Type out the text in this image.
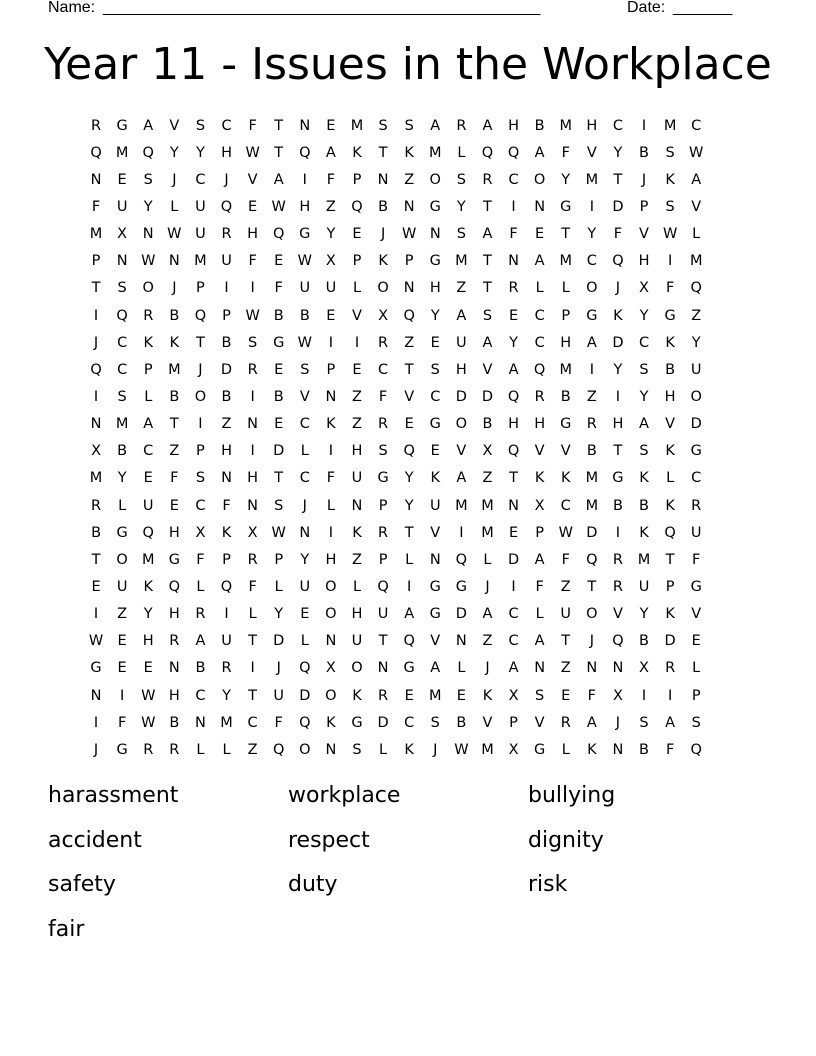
Name: ____________________________________________________	Date: _______
Year 11 - Issues in the Workplace
R	G	A	V	S	C	F	T	N	E	M	S	S	A	R	A	H	B	M H	C	I	M	C
Q M Q	Y	Y	H W T	Q	A	K	T	K	M	L	Q	Q	A	F	V	Y	B	S W
N	E	S	J	C	J	V	A	I	F	P	N	Z	O	S	R	C	O	Y	M	T	J	K	A
F	U	Y	L	U	Q	E W H	Z	Q	B	N	G	Y	T	I	N	G	I	D	P	S	V
M	X	N W U	R	H	Q	G	Y	E	J	W N	S	A	F	E	T	Y	F	V W	L
P	N W N M	U	F	E W X	P	K	P	G M	T	N	A	M	C	Q	H	I	M
T	S	O	J	P	I	I	F	U	U	L	O	N	H	Z	T	R	L	L	O	J	X	F	Q
I	Q	R	B	Q	P	W B	B	E	V	X	Q	Y	A	S	E	C	P	G	K	Y	G	Z
J	C	K	K	T	B	S	G W	I	I	R	Z	E	U	A	Y	C	H	A	D	C	K	Y
Q	C	P	M	J	D	R	E	S	P	E	C	T	S	H	V	A	Q M	I	Y	S	B	U
I	S	L	B	O	B	I	B	V	N	Z	F	V	C	D	D	Q	R	B	Z	I	Y	H	O
N M	A	T	I	Z	N	E	C	K	Z	R	E	G	O	B	H	H	G	R	H	A	V	D
X	B	C	Z	P	H	I	D	L	I	H	S	Q	E	V	X	Q	V	V	B	T	S	K	G
M	Y	E	F	S	N	H	T	C	F	U	G	Y	K	A	Z	T	K	K	M G	K	L	C
R	L	U	E	C	F	N	S	J	L	N	P	Y	U	M M N	X	C	M	B	B	K	R
B	G	Q	H	X	K	X W N	I	K	R	T	V	I	M	E	P	W D	I	K	Q	U
T	O M G	F	P	R	P	Y	H	Z	P	L	N	Q	L	D	A	F	Q	R	M	T	F
E	U	K	Q	L	Q	F	L	U	O	L	Q	I	G	G	J	I	F	Z	T	R	U	P	G
I	Z	Y	H	R	I	L	Y	E	O	H	U	A	G	D	A	C	L	U	O	V	Y	K	V
W E	H	R	A	U	T	D	L	N	U	T	Q	V	N	Z	C	A	T	J	Q	B	D	E
G	E	E	N	B	R	I	J	Q	X	O	N	G	A	L	J	A	N	Z	N	N	X	R	L
N	I	W H	C	Y	T	U	D	O	K	R	E	M	E	K	X	S	E	F	X	I	I	P
I	F	W B	N M	C	F	Q	K	G	D	C	S	B	V	P	V	R	A	J	S	A	S
J	G	R	R	L	L	Z	Q	O	N	S	L	K	J	W M	X	G	L	K	N	B	F	Q
harassment	workplace	bullying
accident	respect	dignity
safety	duty	risk
fair
